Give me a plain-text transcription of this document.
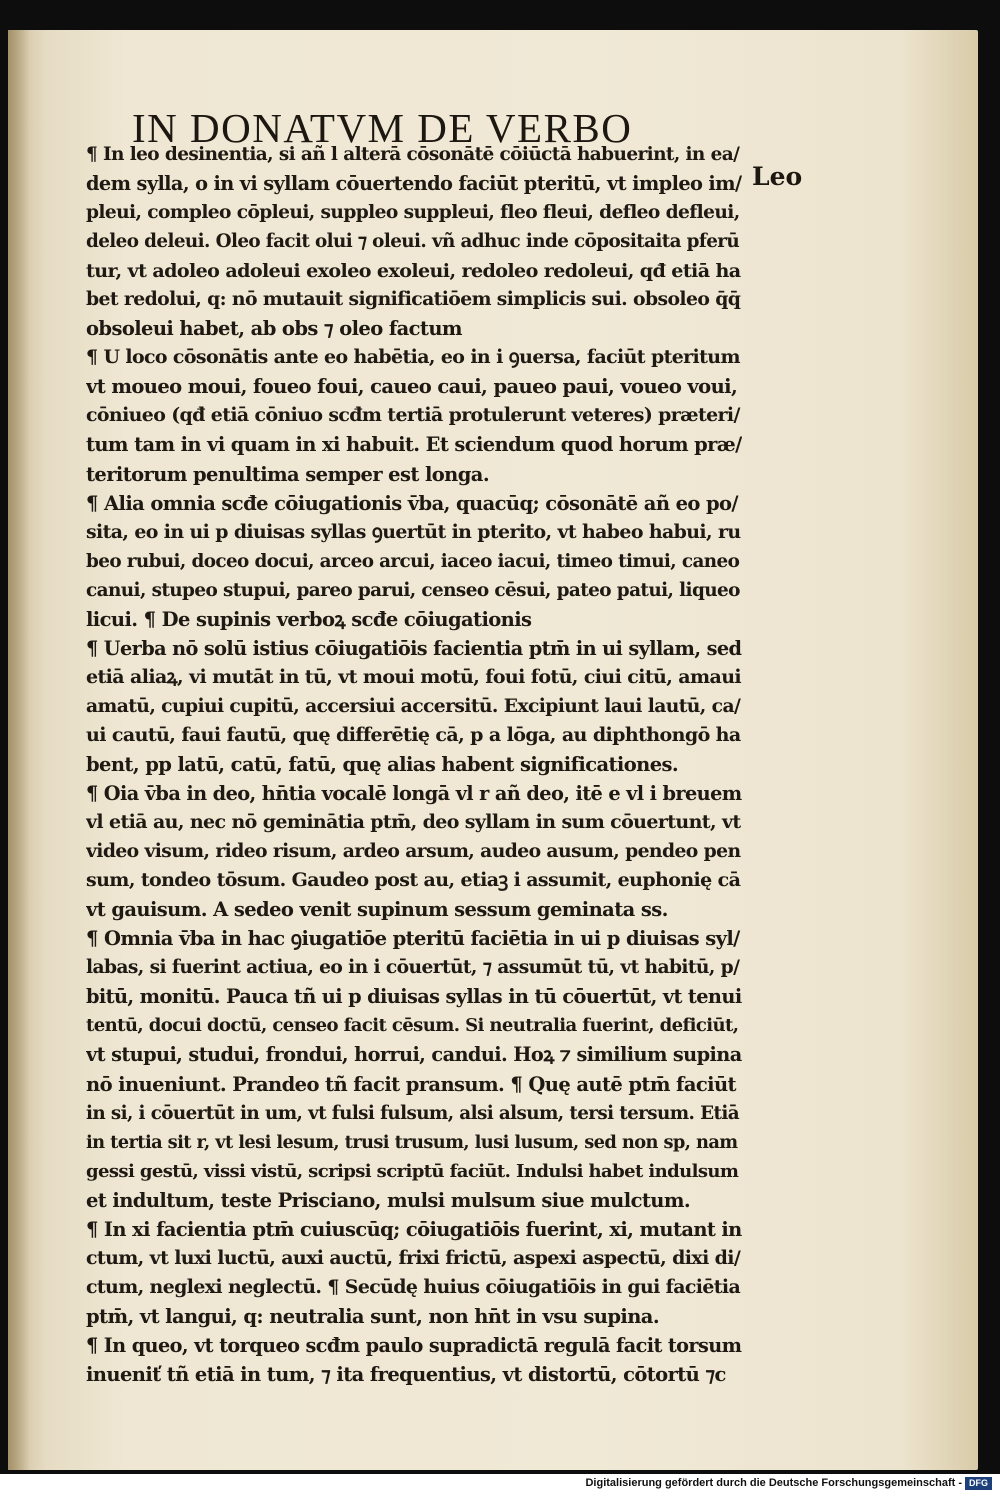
IN DONATVM DE VERBO
Leo
¶ In leo desinentia, si añ l alterā cōsonātē cōiūctā habuerint, in ea/
dem sylla, o in vi syllam cōuertendo faciūt pteritū, vt impleo im/
pleui, compleo cōpleui, suppleo suppleui, fleo fleui, defleo defleui,
deleo deleui. Oleo facit olui ⁊ oleui. vñ adhuc inde cōpositaita pferū
tur, vt adoleo adoleui exoleo exoleui, redoleo redoleui, qđ etiā ha
bet redolui, q: nō mutauit significatiōem simplicis sui. obsoleo q̄q̄
obsoleui habet, ab obs ⁊ oleo factum
¶ U loco cōsonātis ante eo habētia, eo in i ꝯuersa, faciūt pteritum
vt moueo moui, foueo foui, caueo caui, paueo paui, voueo voui,
cōniueo (qđ etiā cōniuo scđm tertiā protulerunt veteres) præteri/
tum tam in vi quam in xi habuit. Et sciendum quod horum præ/
teritorum penultima semper est longa.
¶ Alia omnia scđe cōiugationis v̄ba, quacūq; cōsonātē añ eo po/
sita, eo in ui p diuisas syllas ꝯuertūt in pterito, vt habeo habui, ru
beo rubui, doceo docui, arceo arcui, iaceo iacui, timeo timui, caneo
canui, stupeo stupui, pareo parui, censeo cēsui, pateo patui, liqueo
licui. ¶ De supinis verboꝝ scđe cōiugationis
¶ Uerba nō solū istius cōiugatiōis facientia ptm̄ in ui syllam, sed
etiā aliaꝝ, vi mutāt in tū, vt moui motū, foui fotū, ciui citū, amaui
amatū, cupiui cupitū, accersiui accersitū. Excipiunt laui lautū, ca/
ui cautū, faui fautū, quę differētię cā, p a lōga, au diphthongō ha
bent, pp latū, catū, fatū, quę alias habent significationes.
¶ Oia v̄ba in deo, hn̄tia vocalē longā vl r añ deo, itē e vl i breuem
vl etiā au, nec nō geminātia ptm̄, deo syllam in sum cōuertunt, vt
video visum, rideo risum, ardeo arsum, audeo ausum, pendeo pen
sum, tondeo tōsum. Gaudeo post au, etiaꝫ i assumit, euphonię cā
vt gauisum. A sedeo venit supinum sessum geminata ss.
¶ Omnia v̄ba in hac ꝯiugatiōe pteritū faciētia in ui p diuisas syl/
labas, si fuerint actiua, eo in i cōuertūt, ⁊ assumūt tū, vt habitū, p/
bitū, monitū. Pauca tñ ui p diuisas syllas in tū cōuertūt, vt tenui
tentū, docui doctū, censeo facit cēsum. Si neutralia fuerint, deficiūt,
vt stupui, studui, frondui, horrui, candui. Hoꝝ ⁊ similium supina
nō inueniunt. Prandeo tñ facit pransum. ¶ Quę autē ptm̄ faciūt
in si, i cōuertūt in um, vt fulsi fulsum, alsi alsum, tersi tersum. Etiā
in tertia sit r, vt lesi lesum, trusi trusum, lusi lusum, sed non sp, nam
gessi gestū, vissi vistū, scripsi scriptū faciūt. Indulsi habet indulsum
et indultum, teste Prisciano, mulsi mulsum siue mulctum.
¶ In xi facientia ptm̄ cuiuscūq; cōiugatiōis fuerint, xi, mutant in
ctum, vt luxi luctū, auxi auctū, frixi frictū, aspexi aspectū, dixi di/
ctum, neglexi neglectū. ¶ Secūdę huius cōiugatiōis in gui faciētia
ptm̄, vt langui, q: neutralia sunt, non hn̄t in vsu supina.
¶ In queo, vt torqueo scđm paulo supradictā regulā facit torsum
inueniť tñ etiā in tum, ⁊ ita frequentius, vt distortū, cōtortū ⁊c
Digitalisierung gefördert durch die Deutsche Forschungsgemeinschaft - DFG
